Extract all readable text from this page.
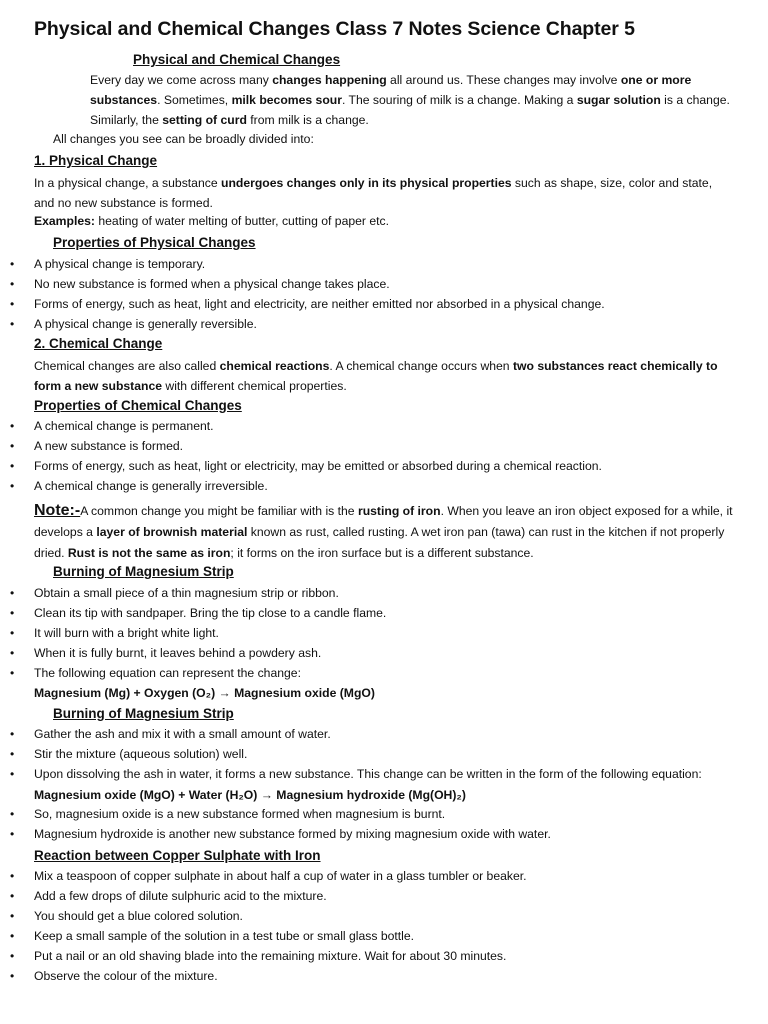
Physical and Chemical Changes Class 7 Notes Science Chapter 5

Physical and Chemical Changes

Every day we come across many changes happening all around us. These changes may involve one or more substances. Sometimes, milk becomes sour. The souring of milk is a change. Making a sugar solution is a change. Similarly, the setting of curd from milk is a change.

All changes you see can be broadly divided into:

1. Physical Change

In a physical change, a substance undergoes changes only in its physical properties such as shape, size, color and state, and no new substance is formed.

Examples: heating of water melting of butter, cutting of paper etc.

Properties of Physical Changes

• A physical change is temporary.
• No new substance is formed when a physical change takes place.
• Forms of energy, such as heat, light and electricity, are neither emitted nor absorbed in a physical change.
• A physical change is generally reversible.

2. Chemical Change

Chemical changes are also called chemical reactions. A chemical change occurs when two substances react chemically to form a new substance with different chemical properties.

Properties of Chemical Changes

• A chemical change is permanent.
• A new substance is formed.
• Forms of energy, such as heat, light or electricity, may be emitted or absorbed during a chemical reaction.
• A chemical change is generally irreversible.

Note:-A common change you might be familiar with is the rusting of iron. When you leave an iron object exposed for a while, it develops a layer of brownish material known as rust, called rusting. A wet iron pan (tawa) can rust in the kitchen if not properly dried. Rust is not the same as iron; it forms on the iron surface but is a different substance.

Burning of Magnesium Strip

• Obtain a small piece of a thin magnesium strip or ribbon.
• Clean its tip with sandpaper. Bring the tip close to a candle flame.
• It will burn with a bright white light.
• When it is fully burnt, it leaves behind a powdery ash.
• The following equation can represent the change:

Magnesium (Mg) + Oxygen (O₂) → Magnesium oxide (MgO)

Burning of Magnesium Strip

• Gather the ash and mix it with a small amount of water.
• Stir the mixture (aqueous solution) well.
• Upon dissolving the ash in water, it forms a new substance. This change can be written in the form of the following equation:

Magnesium oxide (MgO) + Water (H₂O) → Magnesium hydroxide (Mg(OH)₂)

• So, magnesium oxide is a new substance formed when magnesium is burnt.
• Magnesium hydroxide is another new substance formed by mixing magnesium oxide with water.

Reaction between Copper Sulphate with Iron

• Mix a teaspoon of copper sulphate in about half a cup of water in a glass tumbler or beaker.
• Add a few drops of dilute sulphuric acid to the mixture.
• You should get a blue colored solution.
• Keep a small sample of the solution in a test tube or small glass bottle.
• Put a nail or an old shaving blade into the remaining mixture. Wait for about 30 minutes.
• Observe the colour of the mixture.
